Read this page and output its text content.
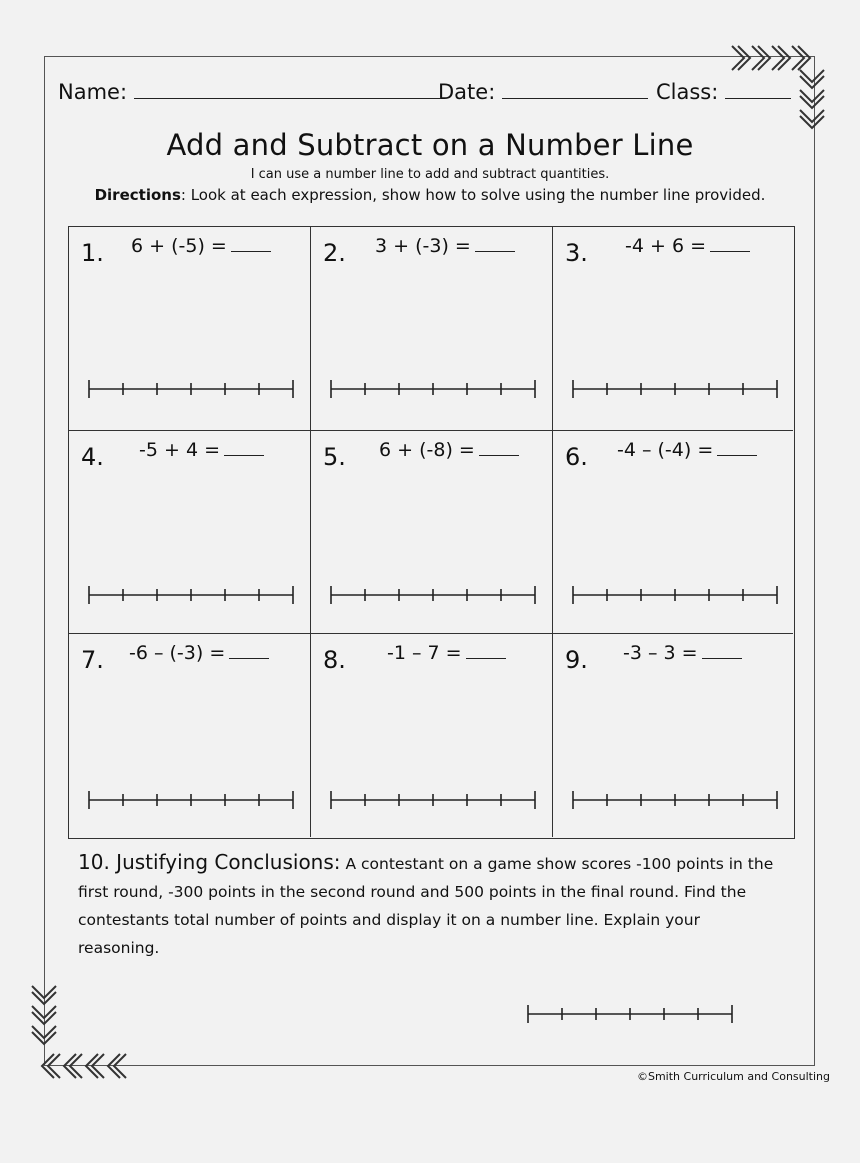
Name:	Date:	Class:
Add and Subtract on a Number Line
I can use a number line to add and subtract quantities.
Directions: Look at each expression, show how to solve using the number line provided.
1. 6 + (-5) =	2. 3 + (-3) =	3. -4 + 6 =
4. -5 + 4 =	5. 6 + (-8) =	6. -4 – (-4) =
7. -6 – (-3) =	8. -1 – 7 =	9. -3 – 3 =
10. Justifying Conclusions: A contestant on a game show scores -100 points in the first round, -300 points in the second round and 500 points in the final round. Find the contestants total number of points and display it on a number line. Explain your reasoning.
©Smith Curriculum and Consulting
